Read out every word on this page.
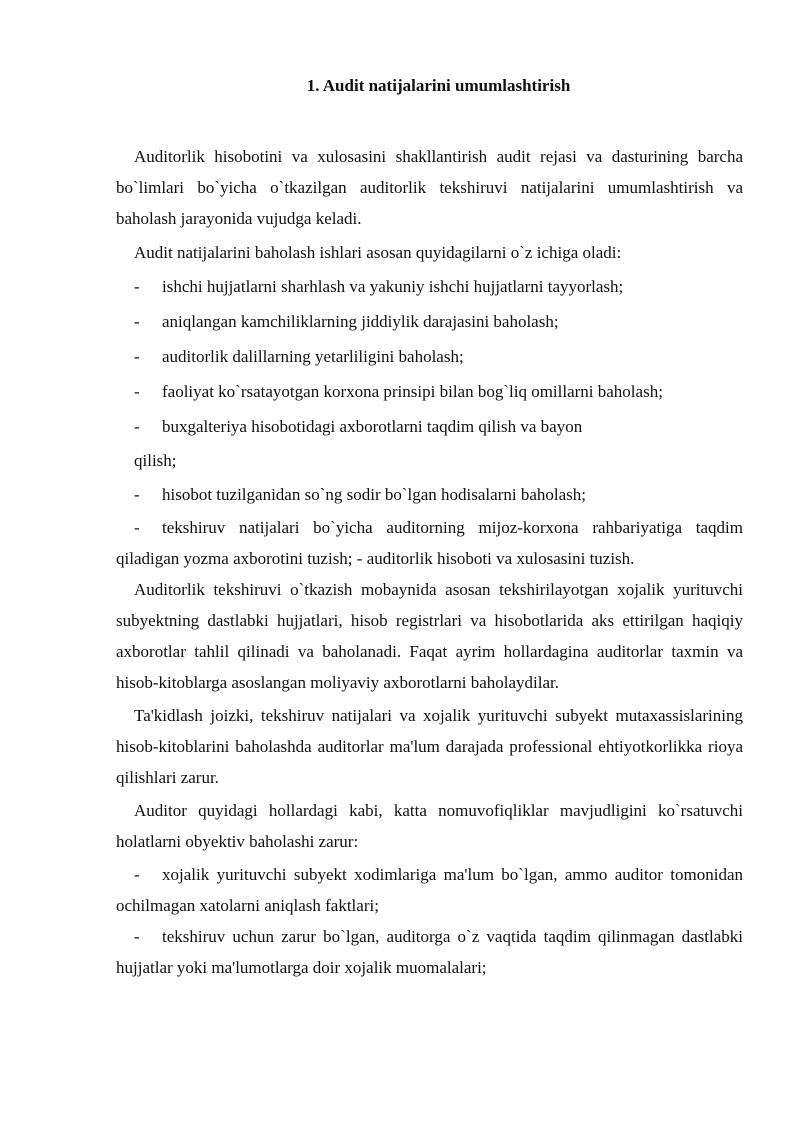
1. Audit natijalarini umumlashtirish

Auditorlik hisobotini va xulosasini shakllantirish audit rejasi va dasturining barcha bo`limlari bo`yicha o`tkazilgan auditorlik tekshiruvi natijalarini umumlashtirish va baholash jarayonida vujudga keladi.

Audit natijalarini baholash ishlari asosan quyidagilarni o`z ichiga oladi:

-	ishchi hujjatlarni sharhlash va yakuniy ishchi hujjatlarni tayyorlash;
-	aniqlangan kamchiliklarning jiddiylik darajasini baholash;
-	auditorlik dalillarning yetarliligini baholash;
-	faoliyat ko`rsatayotgan korxona prinsipi bilan bog`liq omillarni baholash;
-	buxgalteriya hisobotidagi axborotlarni taqdim qilish va bayon

qilish;

-	hisobot tuzilganidan so`ng sodir bo`lgan hodisalarni baholash;

- tekshiruv natijalari bo`yicha auditorning mijoz-korxona rahbariyatiga taqdim qiladigan yozma axborotini tuzish; - auditorlik hisoboti va xulosasini tuzish.

Auditorlik tekshiruvi o`tkazish mobaynida asosan tekshirilayotgan xojalik yurituvchi subyektning dastlabki hujjatlari, hisob registrlari va hisobotlarida aks ettirilgan haqiqiy axborotlar tahlil qilinadi va baholanadi. Faqat ayrim hollardagina auditorlar taxmin va hisob-kitoblarga asoslangan moliyaviy axborotlarni baholaydilar.

Ta'kidlash joizki, tekshiruv natijalari va xojalik yurituvchi subyekt mutaxassislarining hisob-kitoblarini baholashda auditorlar ma'lum darajada professional ehtiyotkorlikka rioya qilishlari zarur.

Auditor quyidagi hollardagi kabi, katta nomuvofiqliklar mavjudligini ko`rsatuvchi holatlarni obyektiv baholashi zarur:

- xojalik yurituvchi subyekt xodimlariga ma'lum bo`lgan, ammo auditor tomonidan ochilmagan xatolarni aniqlash faktlari;

- tekshiruv uchun zarur bo`lgan, auditorga o`z vaqtida taqdim qilinmagan dastlabki hujjatlar yoki ma'lumotlarga doir xojalik muomalalari;
